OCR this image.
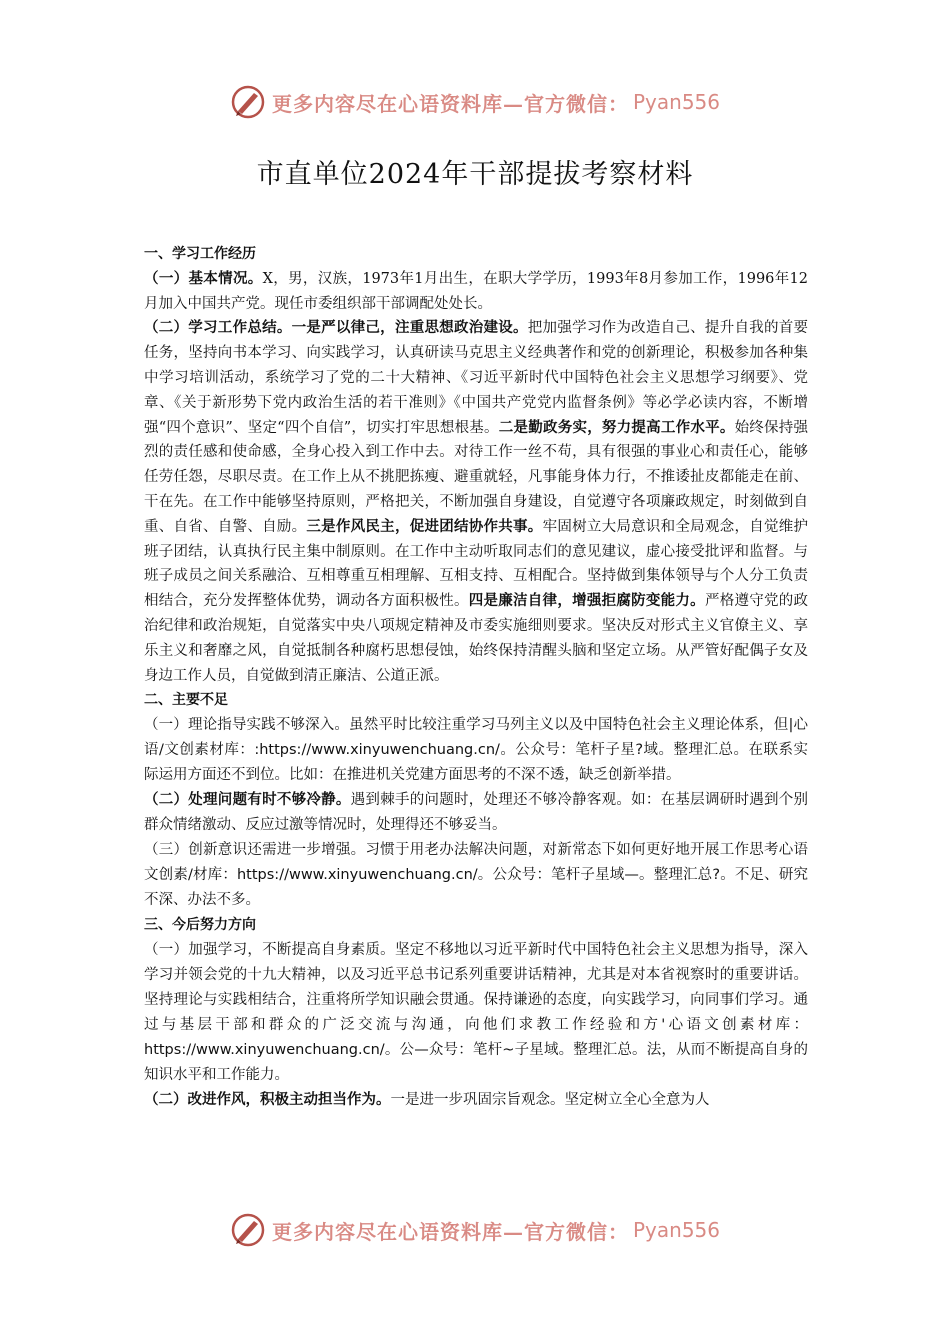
更多内容尽在心语资料库—官方微信： Pyan556
市直单位2024年干部提拔考察材料

一、学习工作经历

（一）基本情况。X，男，汉族，1973年1月出生，在职大学学历，1993年8月参加工作，1996年12月加入中国共产党。现任市委组织部干部调配处处长。

（二）学习工作总结。一是严以律己，注重思想政治建设。把加强学习作为改造自己、提升自我的首要任务，坚持向书本学习、向实践学习，认真研读马克思主义经典著作和党的创新理论，积极参加各种集中学习培训活动，系统学习了党的二十大精神、《习近平新时代中国特色社会主义思想学习纲要》、党章、《关于新形势下党内政治生活的若干准则》《中国共产党党内监督条例》等必学必读内容，不断增强“四个意识”、坚定“四个自信”，切实打牢思想根基。二是勤政务实，努力提高工作水平。始终保持强烈的责任感和使命感，全身心投入到工作中去。对待工作一丝不苟，具有很强的事业心和责任心，能够任劳任怨，尽职尽责。在工作上从不挑肥拣瘦、避重就轻，凡事能身体力行，不推诿扯皮都能走在前、干在先。在工作中能够坚持原则，严格把关，不断加强自身建设，自觉遵守各项廉政规定，时刻做到自重、自省、自警、自励。三是作风民主，促进团结协作共事。牢固树立大局意识和全局观念，自觉维护班子团结，认真执行民主集中制原则。在工作中主动听取同志们的意见建议，虚心接受批评和监督。与班子成员之间关系融洽、互相尊重互相理解、互相支持、互相配合。坚持做到集体领导与个人分工负责相结合，充分发挥整体优势，调动各方面积极性。四是廉洁自律，增强拒腐防变能力。严格遵守党的政治纪律和政治规矩，自觉落实中央八项规定精神及市委实施细则要求。坚决反对形式主义官僚主义、享乐主义和奢靡之风，自觉抵制各种腐朽思想侵蚀，始终保持清醒头脑和坚定立场。从严管好配偶子女及身边工作人员，自觉做到清正廉洁、公道正派。

二、主要不足

（一）理论指导实践不够深入。虽然平时比较注重学习马列主义以及中国特色社会主义理论体系，但|心语/文创素材库：:https://www.xinyuwenchuang.cn/。公众号：笔杆子星?域。整理汇总。在联系实际运用方面还不到位。比如：在推进机关党建方面思考的不深不透，缺乏创新举措。

（二）处理问题有时不够冷静。遇到棘手的问题时，处理还不够冷静客观。如：在基层调研时遇到个别群众情绪激动、反应过激等情况时，处理得还不够妥当。

（三）创新意识还需进一步增强。习惯于用老办法解决问题，对新常态下如何更好地开展工作思考心语文创素/材库：https://www.xinyuwenchuang.cn/。公众号：笔杆子星域—。整理汇总?。不足、研究不深、办法不多。

三、今后努力方向

（一）加强学习，不断提高自身素质。坚定不移地以习近平新时代中国特色社会主义思想为指导，深入学习并领会党的十九大精神，以及习近平总书记系列重要讲话精神，尤其是对本省视察时的重要讲话。坚持理论与实践相结合，注重将所学知识融会贯通。保持谦逊的态度，向实践学习，向同事们学习。通过与基层干部和群众的广泛交流与沟通，向他们求教工作经验和方'心语文创素材库：https://www.xinyuwenchuang.cn/。公—众号：笔杆~子星域。整理汇总。法，从而不断提高自身的知识水平和工作能力。

（二）改进作风，积极主动担当作为。一是进一步巩固宗旨观念。坚定树立全心全意为人

更多内容尽在心语资料库—官方微信： Pyan556
